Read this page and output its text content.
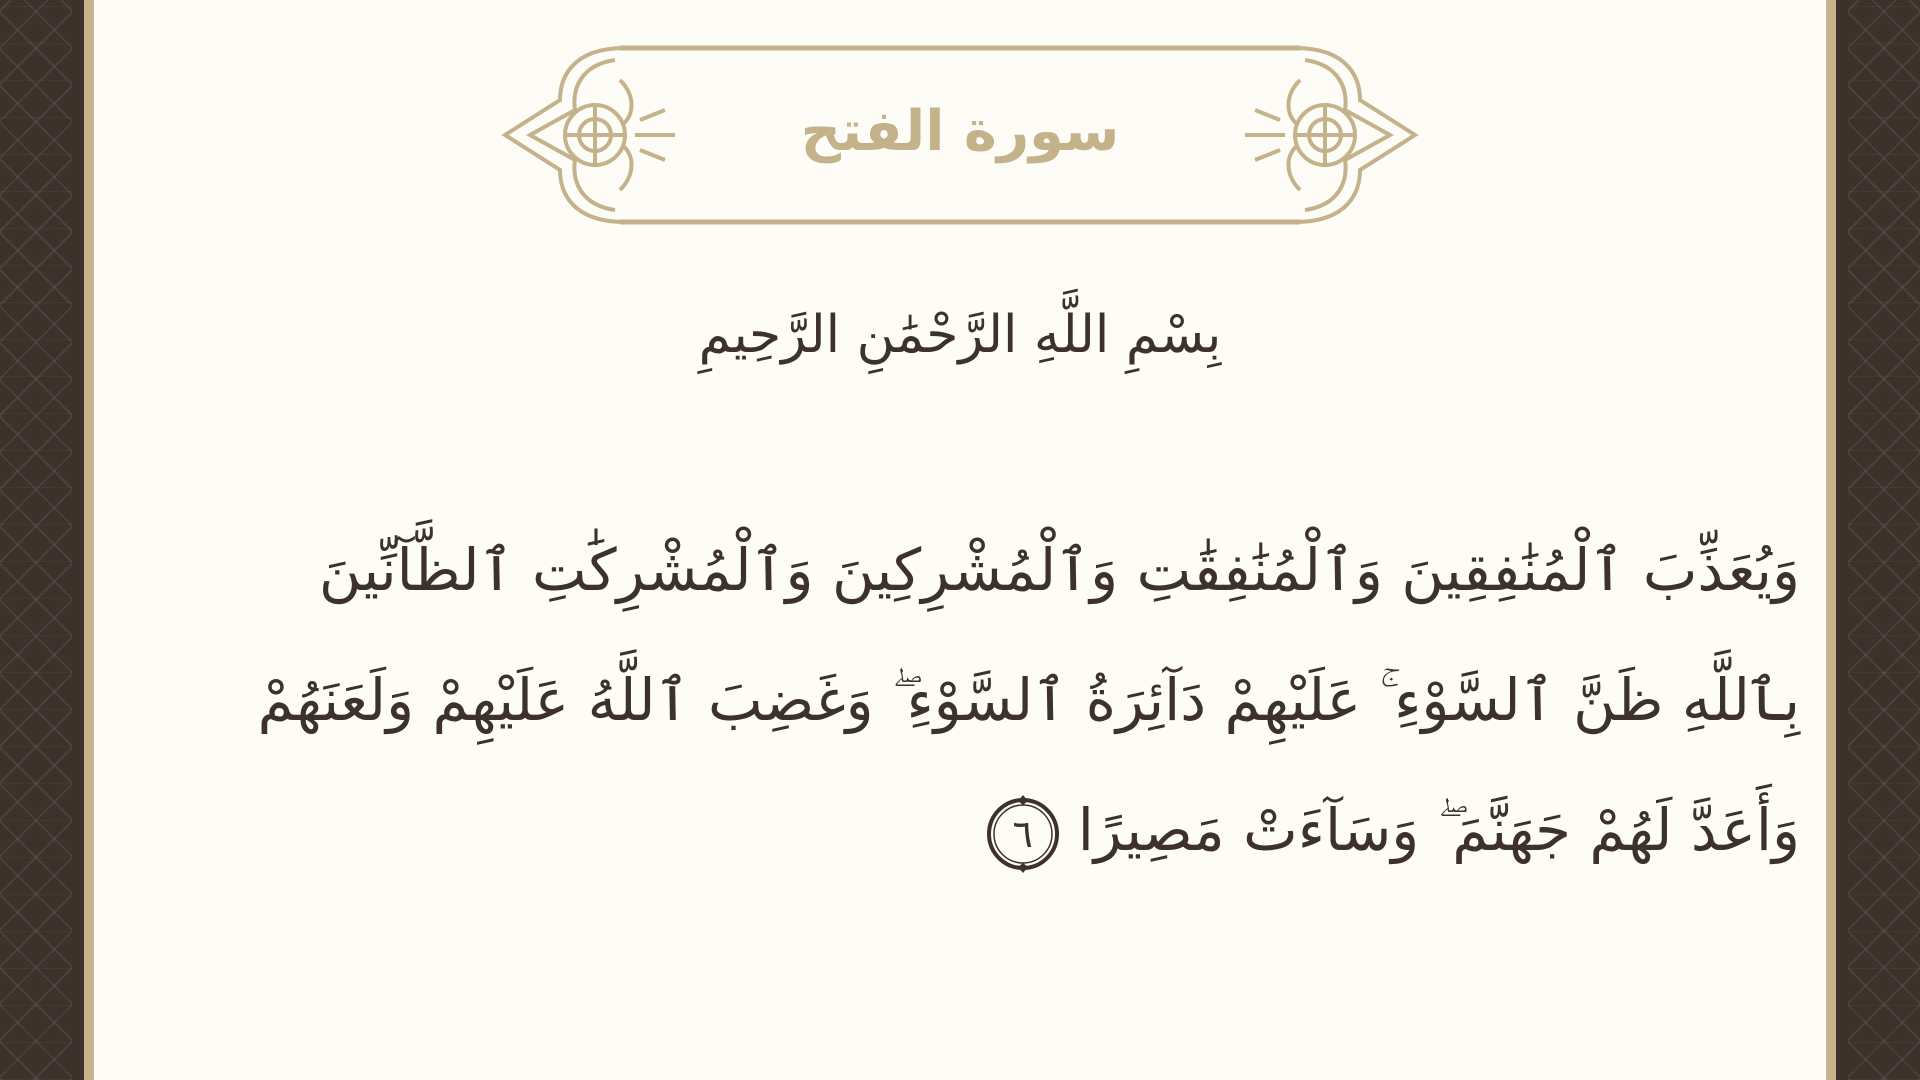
سورة الفتح
بِسْمِ اللَّهِ الرَّحْمَٰنِ الرَّحِيمِ
وَيُعَذِّبَ ٱلْمُنَٰفِقِينَ وَٱلْمُنَٰفِقَٰتِ وَٱلْمُشْرِكِينَ وَٱلْمُشْرِكَٰتِ ٱلظَّآنِّينَ
بِٱللَّهِ ظَنَّ ٱلسَّوْءِ ۚ عَلَيْهِمْ دَآئِرَةُ ٱلسَّوْءِ ۖ وَغَضِبَ ٱللَّهُ عَلَيْهِمْ وَلَعَنَهُمْ
وَأَعَدَّ لَهُمْ جَهَنَّمَ ۖ وَسَآءَتْ مَصِيرًا
٦
